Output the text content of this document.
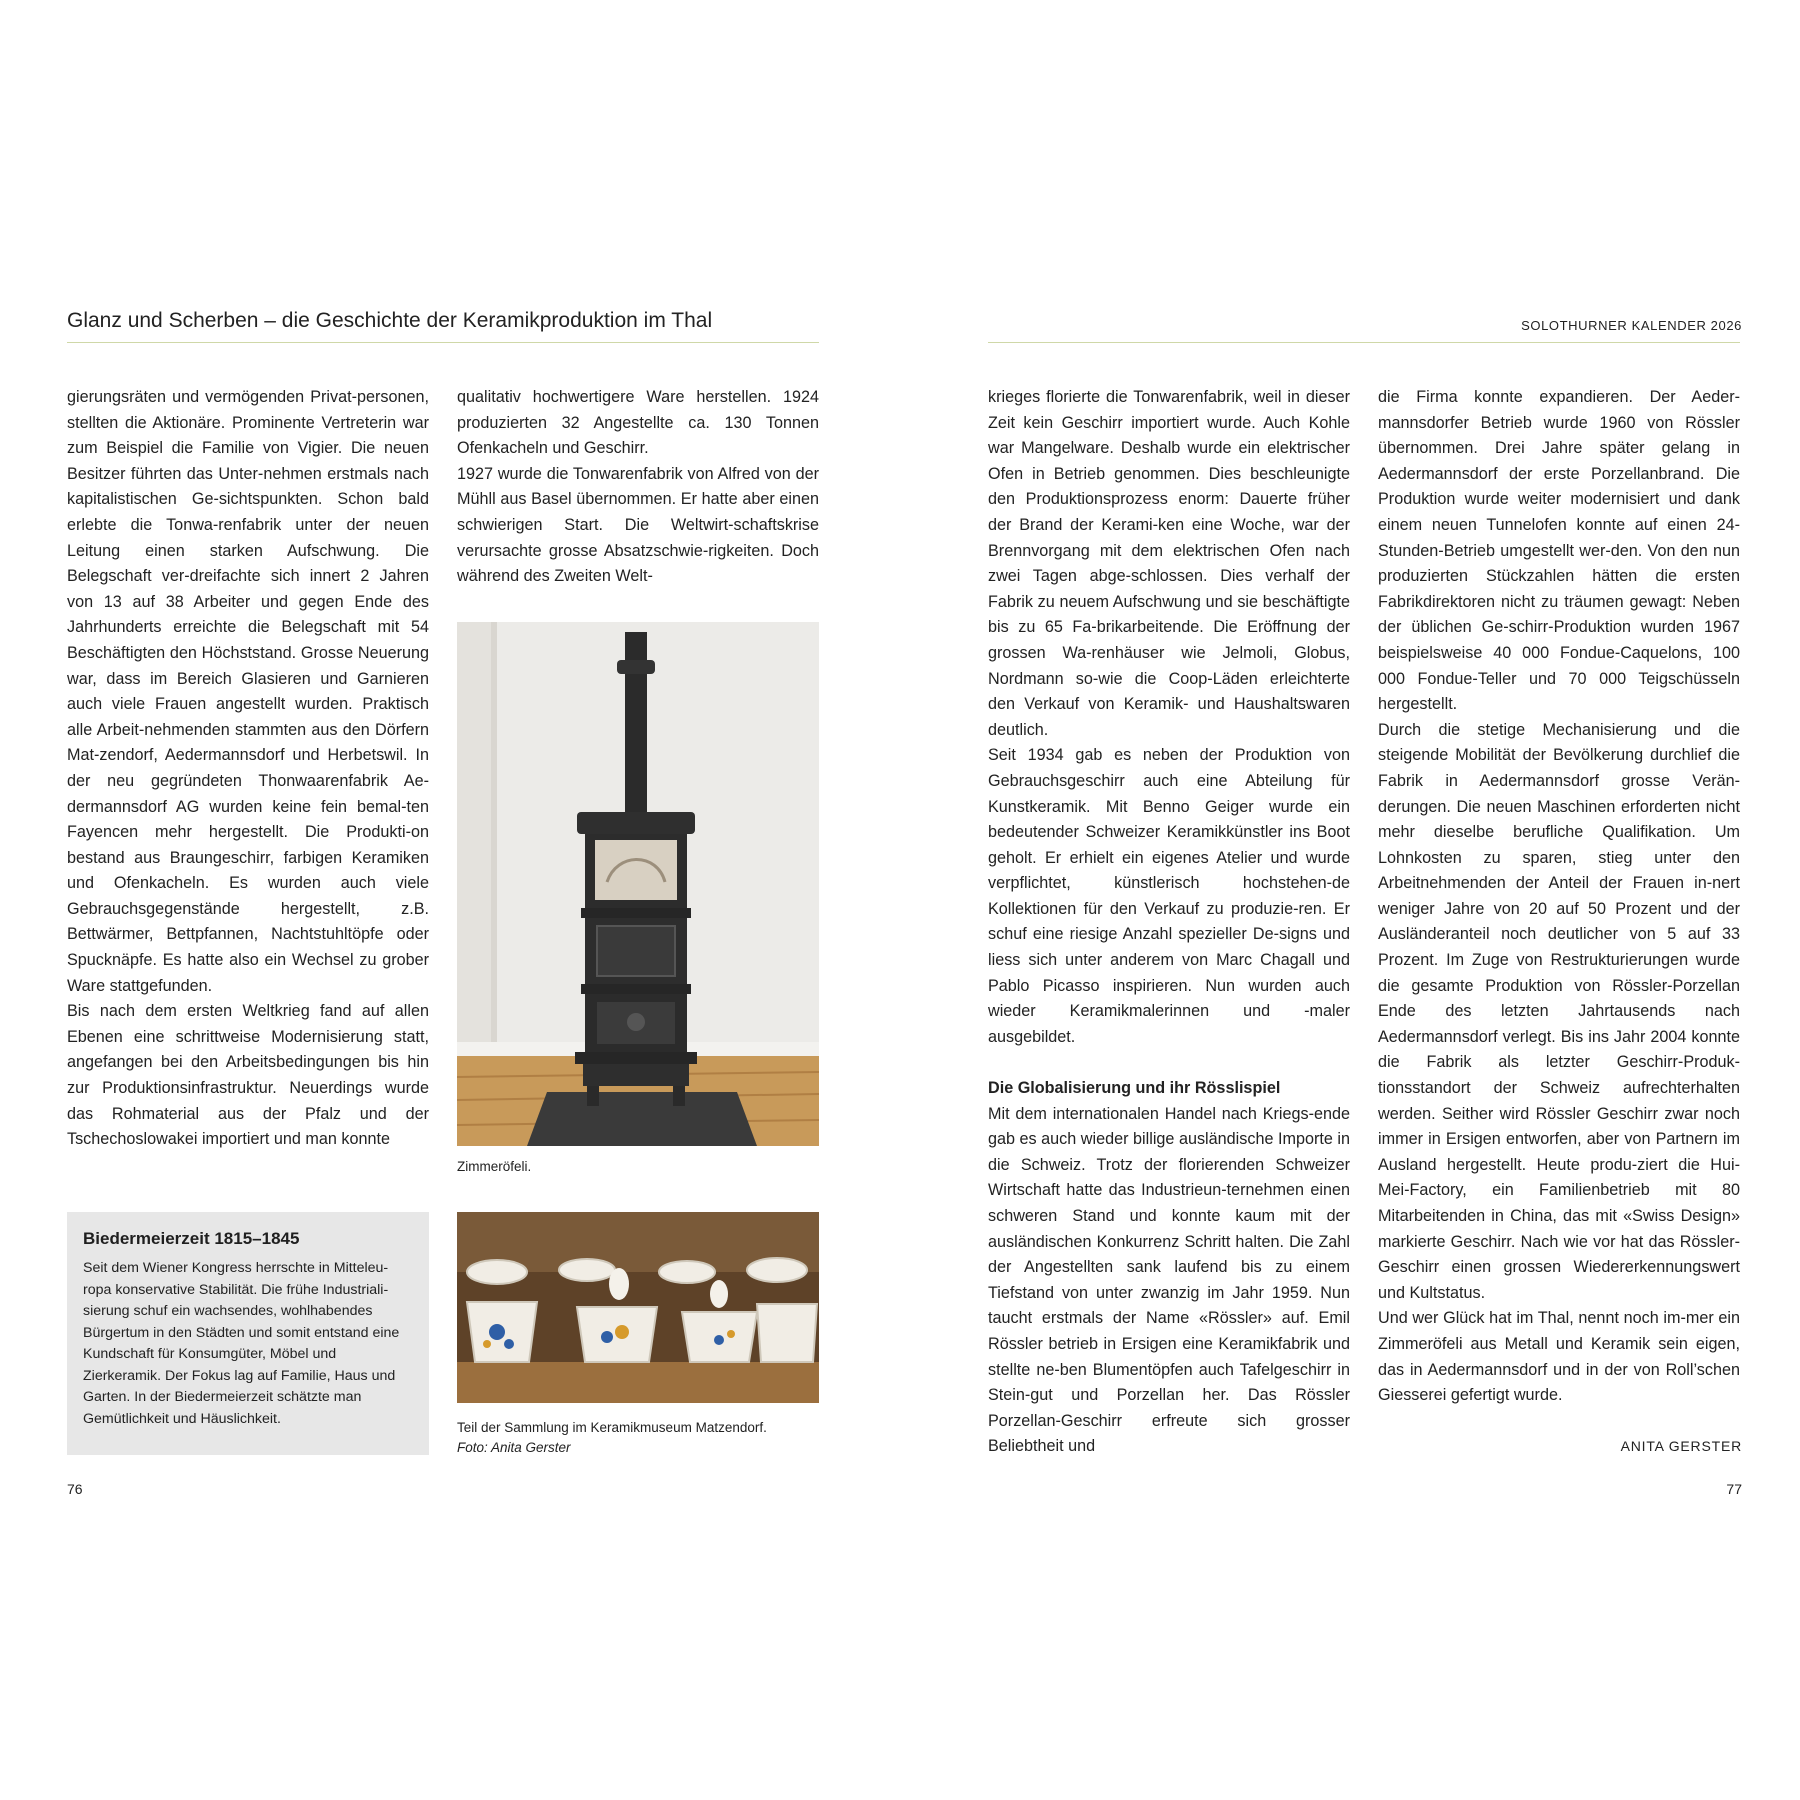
Glanz und Scherben – die Geschichte der Keramikproduktion im Thal

gierungsräten und vermögenden Privat-personen, stellten die Aktionäre. Prominente Vertreterin war zum Beispiel die Familie von Vigier. Die neuen Besitzer führten das Unter-nehmen erstmals nach kapitalistischen Ge-sichtspunkten. Schon bald erlebte die Tonwa-renfabrik unter der neuen Leitung einen starken Aufschwung. Die Belegschaft ver-dreifachte sich innert 2 Jahren von 13 auf 38 Arbeiter und gegen Ende des Jahrhunderts erreichte die Belegschaft mit 54 Beschäftigten den Höchststand. Grosse Neuerung war, dass im Bereich Glasieren und Garnieren auch viele Frauen angestellt wurden. Praktisch alle Arbeit-nehmenden stammten aus den Dörfern Mat-zendorf, Aedermannsdorf und Herbetswil. In der neu gegründeten Thonwaarenfabrik Ae-dermannsdorf AG wurden keine fein bemal-ten Fayencen mehr hergestellt. Die Produkti-on bestand aus Braungeschirr, farbigen Keramiken und Ofenkacheln. Es wurden auch viele Gebrauchsgegenstände hergestellt, z.B. Bettwärmer, Bettpfannen, Nachtstuhltöpfe oder Spucknäpfe. Es hatte also ein Wechsel zu grober Ware stattgefunden.

Bis nach dem ersten Weltkrieg fand auf allen Ebenen eine schrittweise Modernisierung statt, angefangen bei den Arbeitsbedingungen bis hin zur Produktionsinfrastruktur. Neuerdings wurde das Rohmaterial aus der Pfalz und der Tschechoslowakei importiert und man konnte

qualitativ hochwertigere Ware herstellen. 1924 produzierten 32 Angestellte ca. 130 Tonnen Ofenkacheln und Geschirr.

1927 wurde die Tonwarenfabrik von Alfred von der Mühll aus Basel übernommen. Er hatte aber einen schwierigen Start. Die Weltwirt-schaftskrise verursachte grosse Absatzschwie-rigkeiten. Doch während des Zweiten Welt-

Zimmeröfeli.
Biedermeierzeit 1815–1845
Seit dem Wiener Kongress herrschte in Mitteleu-ropa konservative Stabilität. Die frühe Industriali-sierung schuf ein wachsendes, wohlhabendes Bürgertum in den Städten und somit entstand eine Kundschaft für Konsumgüter, Möbel und Zierkeramik. Der Fokus lag auf Familie, Haus und Garten. In der Biedermeierzeit schätzte man Gemütlichkeit und Häuslichkeit.
Teil der Sammlung im Keramikmuseum Matzendorf.
Foto: Anita Gerster
76
SOLOTHURNER KALENDER 2026

krieges florierte die Tonwarenfabrik, weil in dieser Zeit kein Geschirr importiert wurde. Auch Kohle war Mangelware. Deshalb wurde ein elektrischer Ofen in Betrieb genommen. Dies beschleunigte den Produktionsprozess enorm: Dauerte früher der Brand der Kerami-ken eine Woche, war der Brennvorgang mit dem elektrischen Ofen nach zwei Tagen abge-schlossen. Dies verhalf der Fabrik zu neuem Aufschwung und sie beschäftigte bis zu 65 Fa-brikarbeitende. Die Eröffnung der grossen Wa-renhäuser wie Jelmoli, Globus, Nordmann so-wie die Coop-Läden erleichterte den Verkauf von Keramik- und Haushaltswaren deutlich.

Seit 1934 gab es neben der Produktion von Gebrauchsgeschirr auch eine Abteilung für Kunstkeramik. Mit Benno Geiger wurde ein bedeutender Schweizer Keramikkünstler ins Boot geholt. Er erhielt ein eigenes Atelier und wurde verpflichtet, künstlerisch hochstehen-de Kollektionen für den Verkauf zu produzie-ren. Er schuf eine riesige Anzahl spezieller De-signs und liess sich unter anderem von Marc Chagall und Pablo Picasso inspirieren. Nun wurden auch wieder Keramikmalerinnen und -maler ausgebildet.

Die Globalisierung und ihr Rösslispiel

Mit dem internationalen Handel nach Kriegs-ende gab es auch wieder billige ausländische Importe in die Schweiz. Trotz der florierenden Schweizer Wirtschaft hatte das Industrieun-ternehmen einen schweren Stand und konnte kaum mit der ausländischen Konkurrenz Schritt halten. Die Zahl der Angestellten sank laufend bis zu einem Tiefstand von unter zwanzig im Jahr 1959. Nun taucht erstmals der Name «Rössler» auf. Emil Rössler betrieb in Ersigen eine Keramikfabrik und stellte ne-ben Blumentöpfen auch Tafelgeschirr in Stein-gut und Porzellan her. Das Rössler Porzellan-Geschirr erfreute sich grosser Beliebtheit und

die Firma konnte expandieren. Der Aeder-mannsdorfer Betrieb wurde 1960 von Rössler übernommen. Drei Jahre später gelang in Aedermannsdorf der erste Porzellanbrand. Die Produktion wurde weiter modernisiert und dank einem neuen Tunnelofen konnte auf einen 24-Stunden-Betrieb umgestellt wer-den. Von den nun produzierten Stückzahlen hätten die ersten Fabrikdirektoren nicht zu träumen gewagt: Neben der üblichen Ge-schirr-Produktion wurden 1967 beispielsweise 40 000 Fondue-Caquelons, 100 000 Fondue-Teller und 70 000 Teigschüsseln hergestellt.

Durch die stetige Mechanisierung und die steigende Mobilität der Bevölkerung durchlief die Fabrik in Aedermannsdorf grosse Verän-derungen. Die neuen Maschinen erforderten nicht mehr dieselbe berufliche Qualifikation. Um Lohnkosten zu sparen, stieg unter den Arbeitnehmenden der Anteil der Frauen in-nert weniger Jahre von 20 auf 50 Prozent und der Ausländeranteil noch deutlicher von 5 auf 33 Prozent. Im Zuge von Restrukturierungen wurde die gesamte Produktion von Rössler-Porzellan Ende des letzten Jahrtausends nach Aedermannsdorf verlegt. Bis ins Jahr 2004 konnte die Fabrik als letzter Geschirr-Produk-tionsstandort der Schweiz aufrechterhalten werden. Seither wird Rössler Geschirr zwar noch immer in Ersigen entworfen, aber von Partnern im Ausland hergestellt. Heute produ-ziert die Hui-Mei-Factory, ein Familienbetrieb mit 80 Mitarbeitenden in China, das mit «Swiss Design» markierte Geschirr. Nach wie vor hat das Rössler-Geschirr einen grossen Wiedererkennungswert und Kultstatus.

Und wer Glück hat im Thal, nennt noch im-mer ein Zimmeröfeli aus Metall und Keramik sein eigen, das in Aedermannsdorf und in der von Roll’schen Giesserei gefertigt wurde.

ANITA GERSTER
77
